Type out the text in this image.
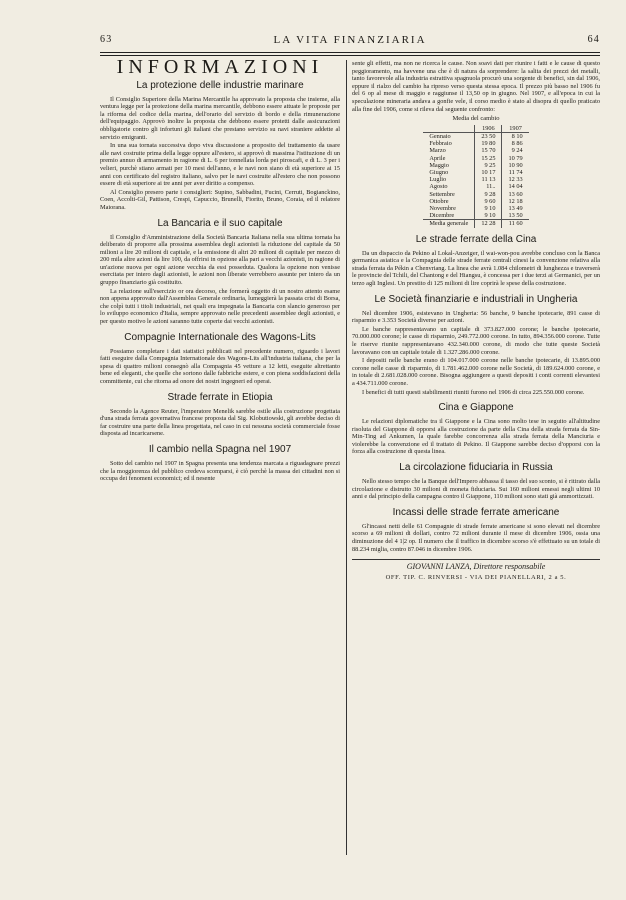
63	LA VITA FINANZIARIA	64
INFORMAZIONI
La protezione delle industrie marinare

Il Consiglio Superiore della Marina Mercantile ha approvato la proposta che insieme, alla ventura legge per la protezione della marina mercantile, debbono essere attuate le proposte per la riforma del codice della marina, dell'orario del servizio di bordo e della rimunerazione dell'equipaggio. Approvò inoltre la proposta che debbono essere protetti dalle assicurazioni obbligatorie contro gli infortuni gli italiani che prestano servizio su navi straniere addette al servizio emigranti.

In una sua tornata successiva dopo viva discussione a proposito del trattamento da usare alle navi costruite prima della legge oppure all'estero, si approvò di massima l'istituzione di un premio annuo di armamento in ragione di L. 6 per tonnellata lorda pei piroscafi, e di L. 3 per i velieri, purchè stiano armati per 10 mesi dell'anno, e le navi non siano di età superiore ai 15 anni con certificato del registro italiano, salvo per le navi costruite all'estero che non possono essere di età superiore ai tre anni per aver diritto a compenso.

Al Consiglio presero parte i consiglieri: Supino, Sabbadini, Fucini, Cerruti, Bogianckino, Coen, Accolti-Gil, Pattison, Crespi, Capuccio, Brunelli, Fiorito, Bruno, Coraia, ed il relatore Maiorana.

La Bancaria e il suo capitale

Il Consiglio d'Amministrazione della Società Bancaria Italiana nella sua ultima tornata ha deliberato di proporre alla prossima assemblea degli azionisti la riduzione del capitale da 50 milioni a lire 20 milioni di capitale, e la emissione di altri 20 milioni di capitale per mezzo di 200 mila altre azioni da lire 100, da offrirsi in opzione alla pari a vecchi azionisti, in ragione di un'azione nuova per ogni azione vecchia da essi posseduta. Qualora la opzione non venisse esercitata per intero dagli azionisti, le azioni non liberate verrebbero assunte per intero da un gruppo finanziario già costituito.

La relazione sull'esercizio or ora decorso, che formerà oggetto di un nostro attento esame non appena approvato dall'Assemblea Generale ordinaria, lumeggierà la passata crisi di Borsa, che colpì tutti i titoli industriali, nei quali era impegnata la Bancaria con slancio generoso per lo sviluppo economico d'Italia, sempre approvato nelle precedenti assemblee degli azionisti, e per questo motivo le azioni saranno tutte coperte dai vecchi azionisti.

Compagnie Internationale des Wagons-Lits

Possiamo completare i dati statistici pubblicati nel precedente numero, riguardo i lavori fatti eseguire dalla Compagnia Internationale des Wagons-Lits all'industria italiana, che per la spesa di quattro milioni consegnò alla Compagnia 45 vetture a 12 letti, eseguite altrettanto bene ed eleganti, che quelle che sortono dalle fabbriche estere, e con piena soddisfazioni della committente, cui che ritorna ad onore dei nostri ingegneri ed operai.

Strade ferrate in Etiopia

Secondo la Agence Reuter, l'imperatore Menelik sarebbe ostile alla costruzione progettata d'una strada ferrata governativa francese proposta dal Sig. Klobutiowski, gli avrebbe deciso di far costruire una parte della linea progettata, nel caso in cui nessuna società commerciale fosse disposta ad incaricarsene.

Il cambio nella Spagna nel 1907

Sotto del cambio nel 1907 in Spagna presenta una tendenza marcata a riguadagnare prezzi che la moggiorenza del pubblico credeva scomparsi, è ciò perchè la massa dei cittadini non si occupa dei fenomeni economici; ed il nesente

sente gli effetti, ma non ne ricerca le cause. Non soavi dati per riunire i fatti e le cause di questo peggioramento, ma havvene una che è di natura da sorprendere: la salita dei prezzi dei metalli, tanto favorevole alla industria estrattiva spagnuola procurò una sorgente di benefici, sin dal 1906, eppure il rialzo del cambio ha ripreso verso questa stessa epoca. Il prezzo più basso nel 1906 fu del 6 op al mese di maggio e raggiunse il 13,50 op in giugno. Nel 1907, e all'epoca in cui la speculazione mineraria andava a gonfie vele, il corso medio è stato al disopra di quello praticato alla fine del 1906, come si rileva dal seguente confronto:

Media del cambio
	1906	1907
Gennaio	23 50	8 10
Febbraio	19 80	8 86
Marzo	15 70	9 24
Aprile	15 25	10 79
Maggio	9 25	10 90
Giugno	10 17	11 74
Luglio	11 13	12 33
Agosto	11..	14 04
Settembre	9 28	13 60
Ottobre	9 60	12 18
Novembre	9 10	13 49
Dicembre	9 10	13 50
Media generale	12 28	11 60
Le strade ferrate della Cina

Da un dispaccio da Pekino al Lokal-Anzeiger, il wai-won-pou avrebbe concluso con la Banca germanica asiatica e la Compagnia delle strade ferrate centrali cinesi la convenzione relativa alla strada ferrata da Pékin a Chenvriang. La linea che avrà 1.084 chilometri di lunghezza e traverserà le provincie del Tchili, del Chantong e del Hiangsu, è concessa per i due terzi ai Germanici, per un terzo agli Inglesi. Un prestito di 125 milioni di lire coprirà le spese della costruzione.

Le Società finanziarie e industriali in Ungheria

Nel dicembre 1906, esistevano in Ungheria: 56 banche, 9 banche ipotecarie, 891 casse di risparmio e 3.353 Società diverse per azioni.

Le banche rappresentavano un capitale di 373.827.000 corone; le banche ipotecarie, 70.000.000 corone; le casse di risparmio, 249.772.000 corone. In tutto, 894.356.000 corone. Tutte le riserve riunite rappresentavano 432.340.000 corone, di modo che tutte queste Società lavoravano con un capitale totale di 1.327.286.000 corone.

I depositi nelle banche erano di 104.017.000 corone nelle banche ipotecarie, di 13.895.000 corone nelle casse di risparmio, di 1.781.462.000 corone nelle Società, di 189.624.000 corone, e in totale di 2.681.028.000 corone. Bisogna aggiungere a questi depositi i conti correnti elevantesi a 434.711.000 corone.

I benefici di tutti questi stabilimenti riuniti furono nel 1906 di circa 225.550.000 corone.

Cina e Giappone

Le relazioni diplomatiche tra il Giappone e la Cina sono molto tese in seguito all'altitudine risoluta del Giappone di opporsi alla costruzione da parte della Cina della strada ferrata da Sin-Min-Ting ad Ankumen, la quale farebbe concorrenza alla strada ferrata della Manciuria e violerebbe la convenzione ed il trattato di Pekino. Il Giappone sarebbe deciso d'opporsi con la forza alla costruzione di questa linea.

La circolazione fiduciaria in Russia

Nello stesso tempo che la Banque dell'Impero abbassa il tasso del suo sconto, si è ritirato dalla circolazione e distrutto 30 milioni di moneta fiduciaria. Sui 160 milioni emessi negli ultimi 10 anni e dal principio della campagna contro il Giappone, 110 milioni sono stati già ammortizzati.

Incassi delle strade ferrate americane

Gl'incassi netti delle 61 Compagnie di strade ferrate americane si sono elevati nel dicembre scorso a 69 milioni di dollari, contro 72 milioni durante il mese di dicembre 1906, ossia una diminuzione del 4 1|2 op. Il numero che il traffico in dicembre scorso s'è effettuato su un totale di 88.234 miglia, contro 87.046 in dicembre 1906.

GIOVANNI LANZA, Direttore responsabile
OFF. TIP. C. RINVERSI - VIA DEI PIANELLARI, 2 a 5.
